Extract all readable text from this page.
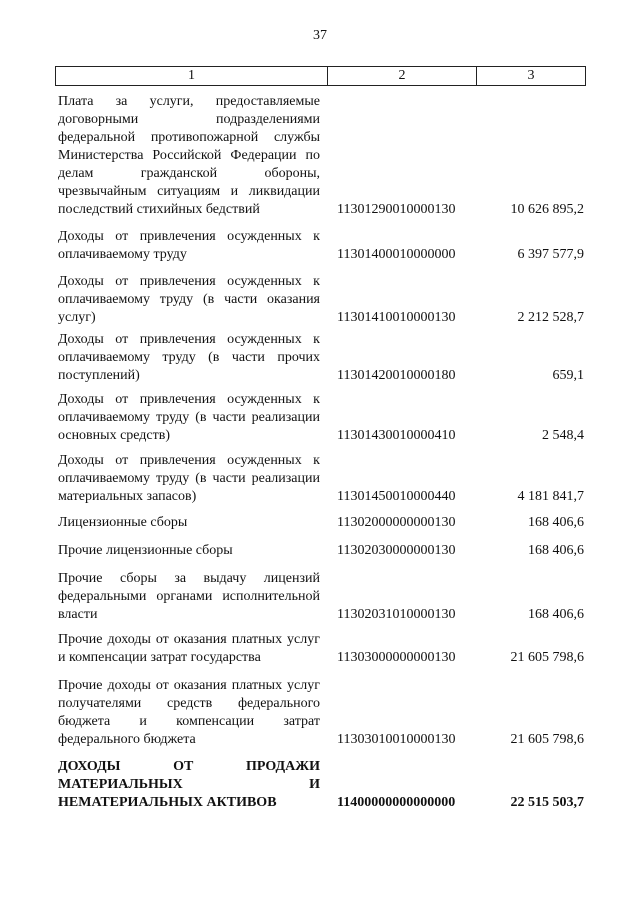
37
1	2	3
Плата за услуги, предоставляемые договорными подразделениями федеральной противопожарной службы Министерства Российской Федерации по делам гражданской обороны, чрезвычайным ситуациям и ликвидации последствий стихийных бедствий	11301290010000130	10 626 895,2
Доходы от привлечения осужденных к оплачиваемому труду	11301400010000000	6 397 577,9
Доходы от привлечения осужденных к оплачиваемому труду (в части оказания услуг)	11301410010000130	2 212 528,7
Доходы от привлечения осужденных к оплачиваемому труду (в части прочих поступлений)	11301420010000180	659,1
Доходы от привлечения осужденных к оплачиваемому труду (в части реализации основных средств)	11301430010000410	2 548,4
Доходы от привлечения осужденных к оплачиваемому труду (в части реализации материальных запасов)	11301450010000440	4 181 841,7
Лицензионные сборы	11302000000000130	168 406,6
Прочие лицензионные сборы	11302030000000130	168 406,6
Прочие сборы за выдачу лицензий федеральными органами исполнительной власти	11302031010000130	168 406,6
Прочие доходы от оказания платных услуг и компенсации затрат государства	11303000000000130	21 605 798,6
Прочие доходы от оказания платных услуг получателями средств федерального бюджета и компенсации затрат федерального бюджета	11303010010000130	21 605 798,6
ДОХОДЫ ОТ ПРОДАЖИ МАТЕРИАЛЬНЫХ И НЕМАТЕРИАЛЬНЫХ АКТИВОВ	11400000000000000	22 515 503,7
